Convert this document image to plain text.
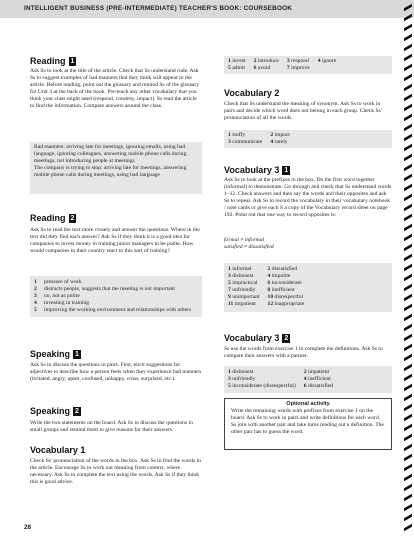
INTELLIGENT BUSINESS (PRE-INTERMEDIATE) TEACHER'S BOOK: COURSEBOOK
Reading 1

Ask Ss to look at the title of the article. Check that Ss understand rude. Ask Ss to suggest examples of bad manners that they think will appear in the article. Before reading, point out the glossary and remind Ss of the glossary for Unit 3 at the back of the book. Pre-teach any other vocabulary that you think your class might need (respond, courtesy, impact). Ss read the article to find the information. Compare answers around the class.

Bad manners: arriving late for meetings, ignoring emails, using bad language, ignoring colleagues, answering mobile phone calls during meetings, not introducing people at meetings
The company is trying to stop: arriving late for meetings, answering mobile phone calls during meetings, using bad language
Reading 2

Ask Ss to read the text more closely and answer the questions. Where in the text did they find each answer? Ask Ss if they think it is a good idea for companies to invest money in training junior managers to be polite. How would companies in their country react to this sort of training?

1 pressure of work
2 distracts people, suggests that the meeting is not important
3 no, not as polite
4 investing in training
5 improving the working environment and relationships with others
Speaking 1

Ask Ss to discuss the questions in pairs. First, elicit suggestions for adjectives to describe how a person feels when they experience bad manners (irritated, angry, upset, confused, unhappy, cross, surprised, etc.).

Speaking 2

Write the two statements on the board. Ask Ss to discuss the questions in small groups and remind them to give reasons for their answers.

Vocabulary 1

Check Ss' pronunciation of the words in the box. Ask Ss to find the words in the article. Encourage Ss to work out meaning from context, where necessary. Ask Ss to complete the text using the words. Ask Ss if they think this is good advice.

1 invest	2 introduce	3 respond	4 ignore
5 admit	6 avoid	7 improve	
Vocabulary 2

Check that Ss understand the meaning of synonym. Ask Ss to work in pairs and decide which word does not belong in each group. Check Ss' pronunciation of all the words.

1 stuffy	2 impact
3 communicate	4 rarely
Vocabulary 3 1

Ask Ss to look at the prefixes in the box. Do the first word together (informal) to demonstrate. Go through and check that Ss understand words 1–12. Check answers and then say the words and their opposites and ask Ss to repeat. Ask Ss to record the vocabulary in their vocabulary notebook / note cards or give each S a copy of the Vocabulary record sheet on page 192. Point out that one way to record opposites is:

formal ≠ informal

satisfied ≠ dissatisfied

1 informal	2 dissatisfied
3 dishonest	4 impolite
5 impractical	6 inconsiderate
7 unfriendly	8 inefficient
9 unimportant	10 disrespectful
11 impatient	12 inappropriate
Vocabulary 3 2

Ss use the words from exercise 1 to complete the definitions. Ask Ss to compare their answers with a partner.

1 dishonest	2 impatient
3 unfriendly	4 inefficient
5 inconsiderate (disrespectful)	6 dissatisfied
Optional activity
Write the remaining words with prefixes from exercise 1 on the board. Ask Ss to work in pairs and write definitions for each word. Ss join with another pair and take turns reading out a definition. The other pair has to guess the word.
28
